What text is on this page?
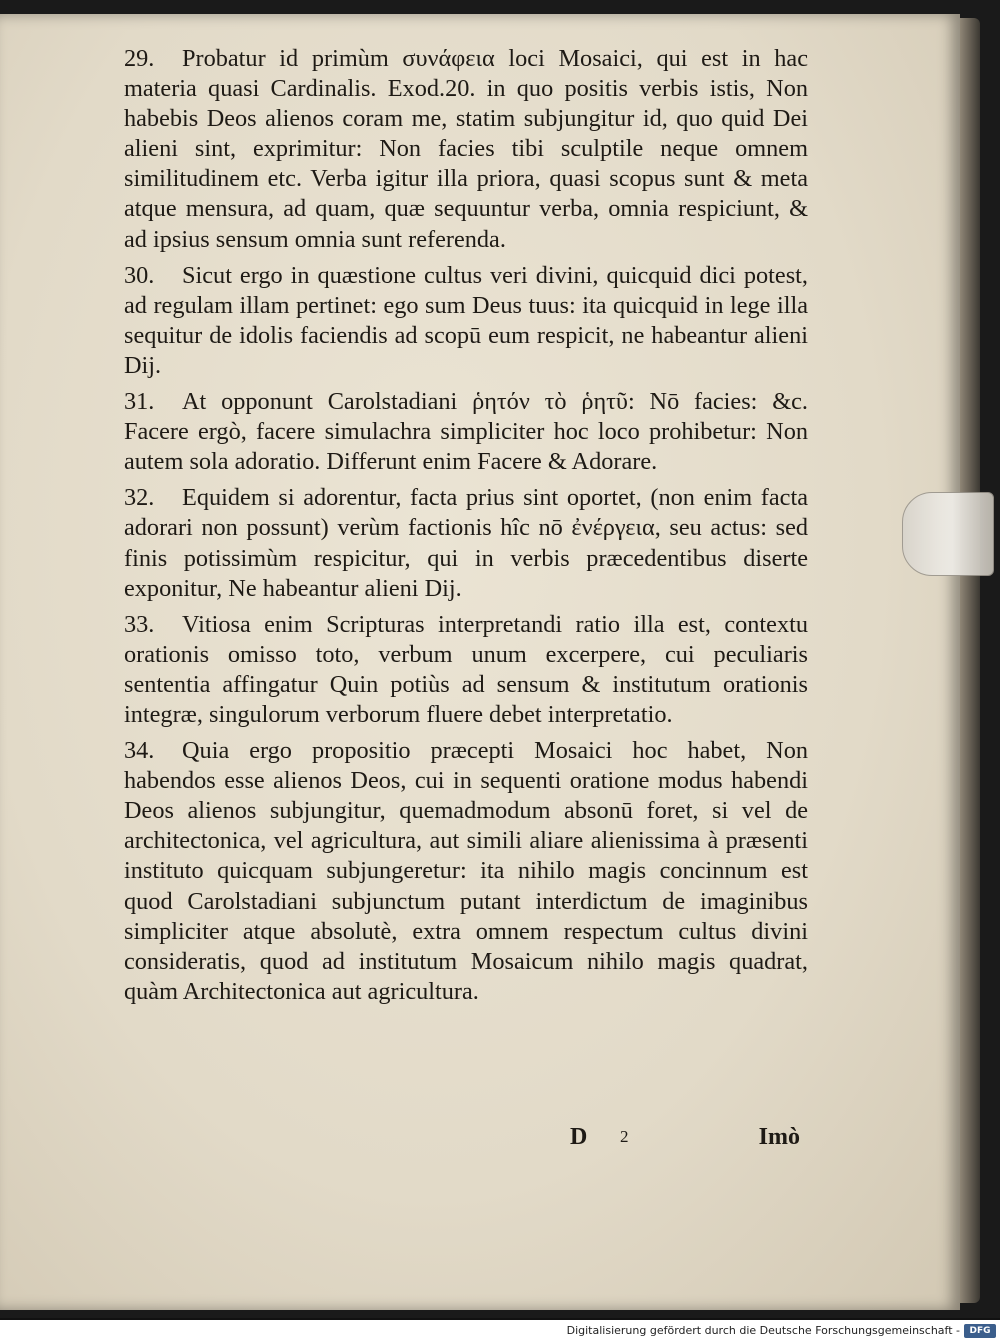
29. Probatur id primùm συνάφεια loci Mosaici, qui est in hac materia quasi Cardinalis. Exod.20. in quo positis verbis istis, Non habebis Deos alienos coram me, statim subjungitur id, quo quid Dei alieni sint, exprimitur: Non facies tibi sculptile neque omnem similitudinem etc. Verba igitur illa priora, quasi scopus sunt & meta atque mensura, ad quam, quæ sequuntur verba, omnia respiciunt, & ad ipsius sensum omnia sunt referenda.

30. Sicut ergo in quæstione cultus veri divini, quicquid dici potest, ad regulam illam pertinet: ego sum Deus tuus: ita quicquid in lege illa sequitur de idolis faciendis ad scopū eum respicit, ne habeantur alieni Dij.

31. At opponunt Carolstadiani ῥητόν τὸ ῥητῦ: Nō facies: &c. Facere ergò, facere simulachra simpliciter hoc loco prohibetur: Non autem sola adoratio. Differunt enim Facere & Adorare.

32. Equidem si adorentur, facta prius sint oportet, (non enim facta adorari non possunt) verùm factionis hîc nō ἐνέργεια, seu actus: sed finis potissimùm respicitur, qui in verbis præcedentibus diserte exponitur, Ne habeantur alieni Dij.

33. Vitiosa enim Scripturas interpretandi ratio illa est, contextu orationis omisso toto, verbum unum excerpere, cui peculiaris sententia affingatur Quin potiùs ad sensum & institutum orationis integræ, singulorum verborum fluere debet interpretatio.

34. Quia ergo propositio præcepti Mosaici hoc habet, Non habendos esse alienos Deos, cui in sequenti oratione modus habendi Deos alienos subjungitur, quemadmodum absonū foret, si vel de architectonica, vel agricultura, aut simili aliare alienissima à præsenti instituto quicquam subjungeretur: ita nihilo magis concinnum est quod Carolstadiani subjunctum putant interdictum de imaginibus simpliciter atque absolutè, extra omnem respectum cultus divini consideratis, quod ad institutum Mosaicum nihilo magis quadrat, quàm Architectonica aut agricultura.

D 2	Imò
Digitalisierung gefördert durch die Deutsche Forschungsgemeinschaft -	DFG
